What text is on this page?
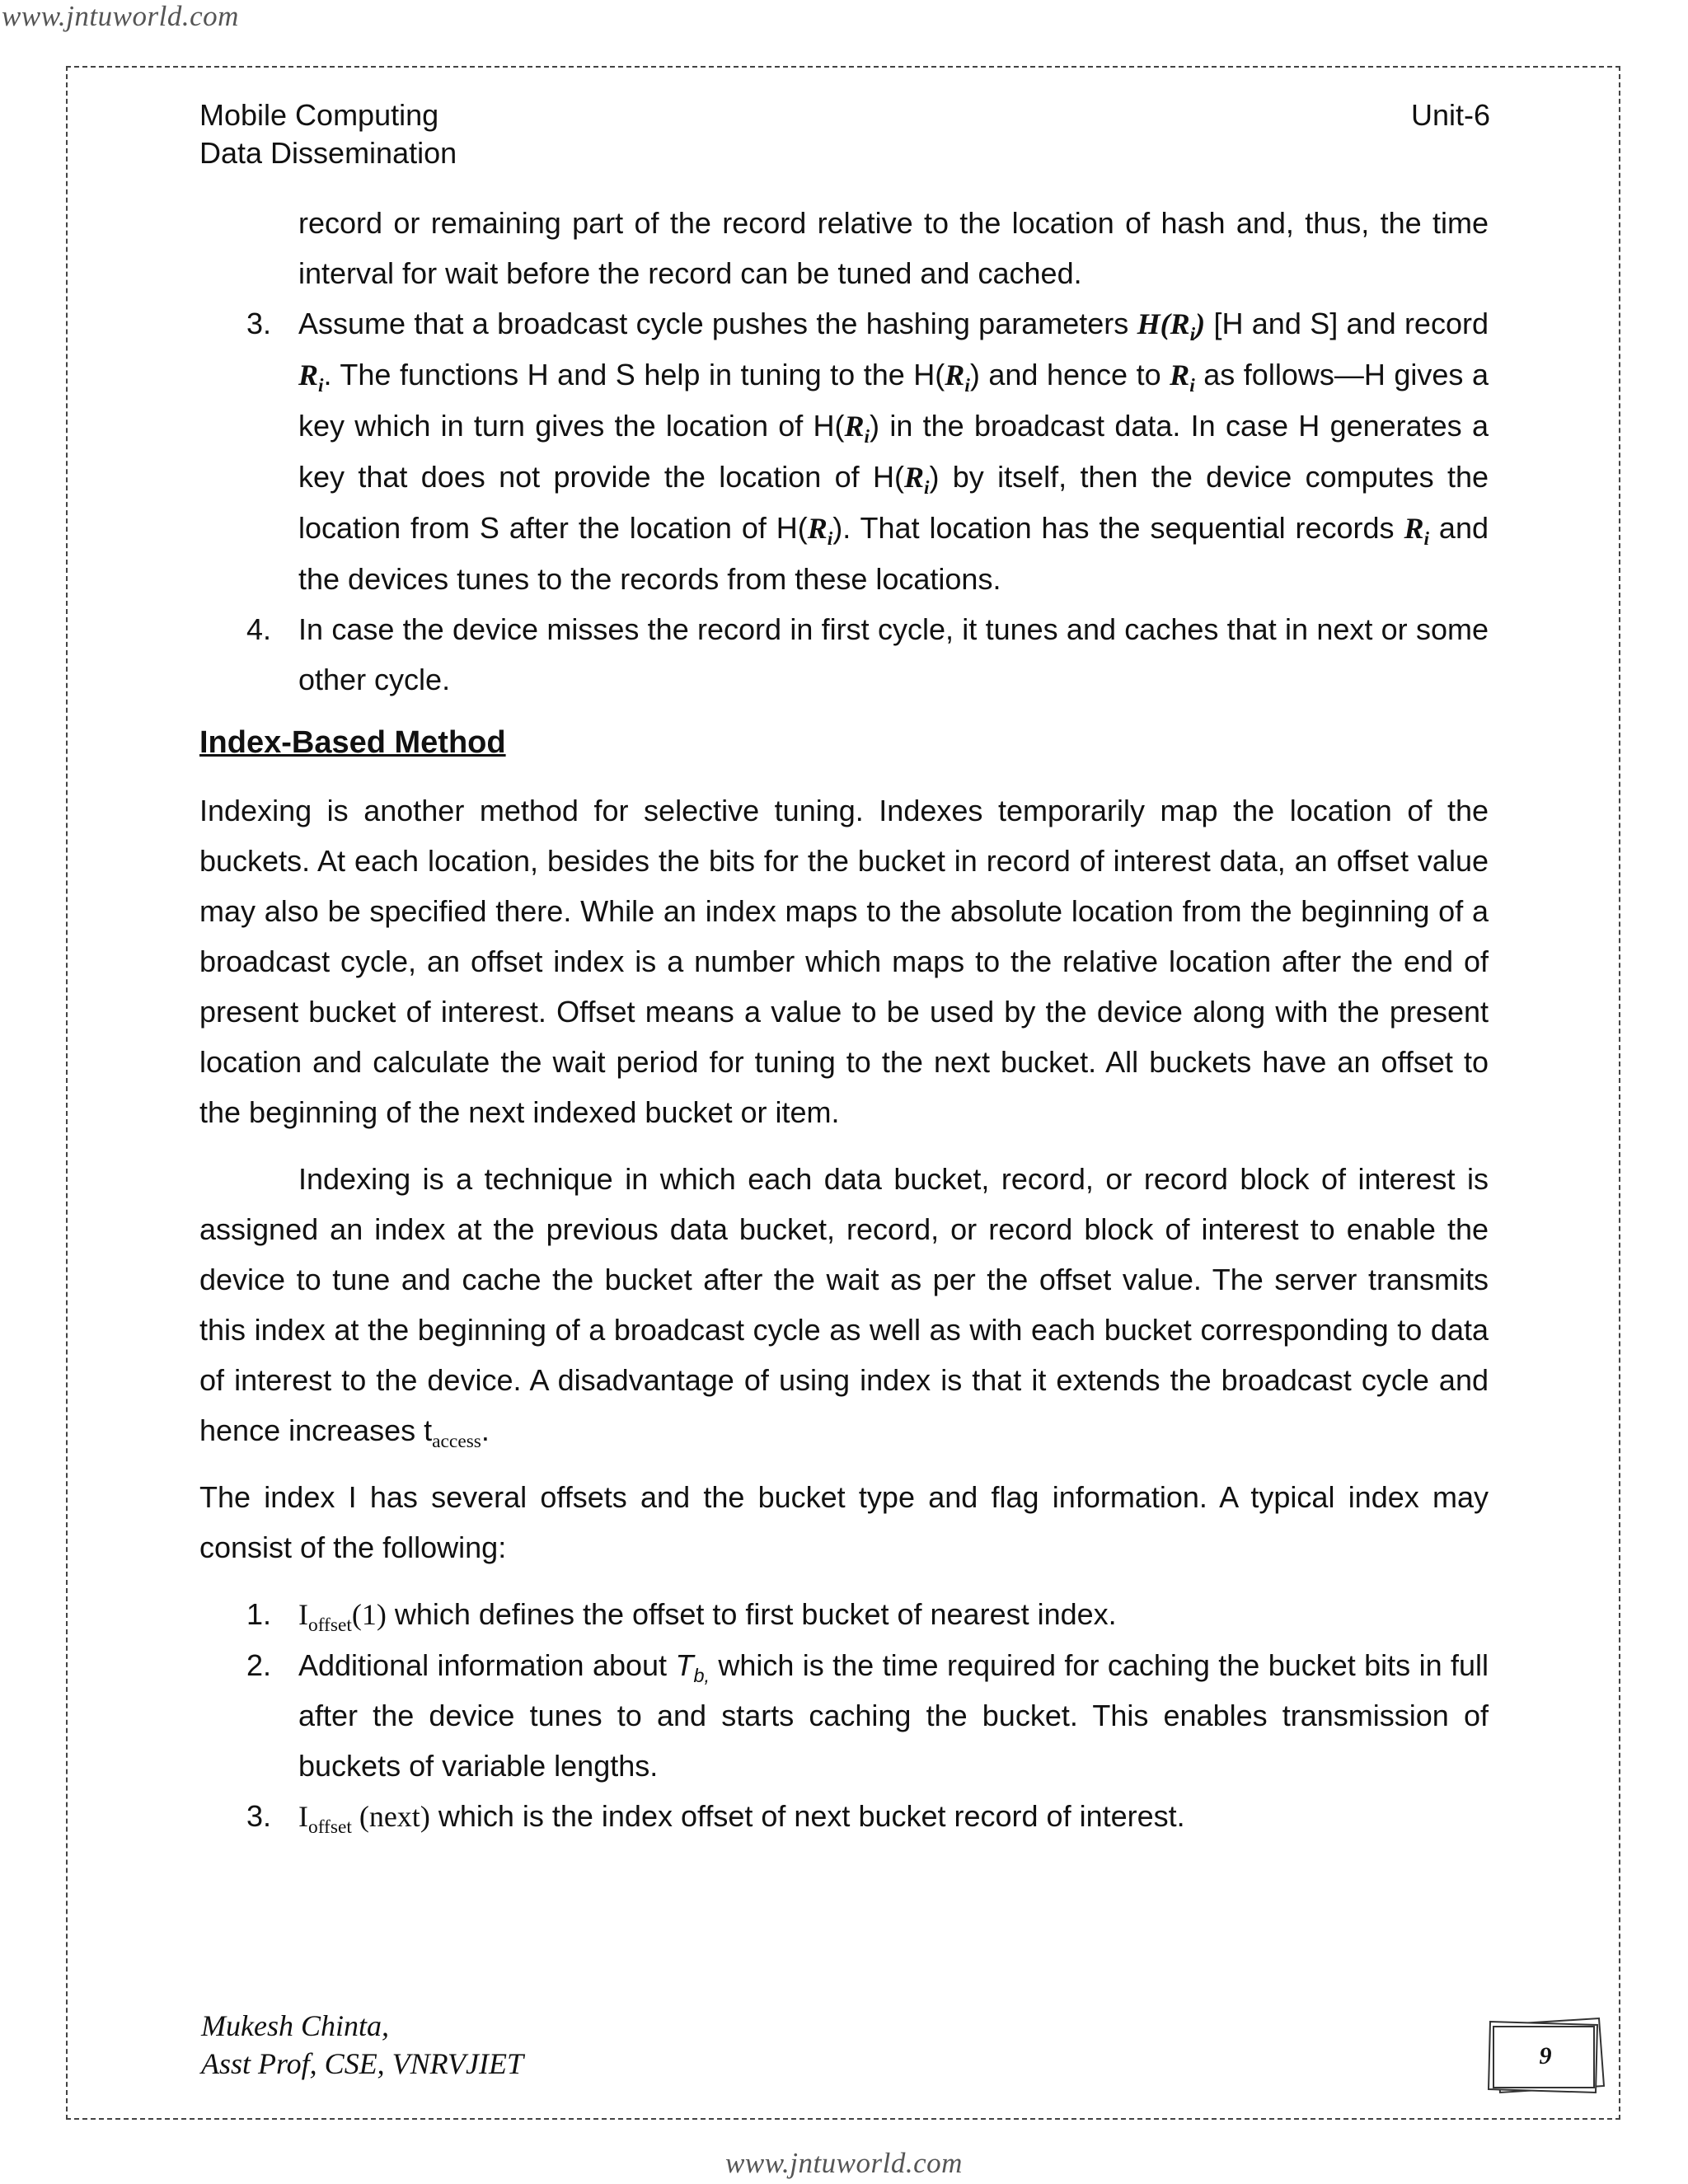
www.jntuworld.com
Mobile Computing
Data Dissemination
Unit-6
record or remaining part of the record relative to the location of hash and, thus, the time interval for wait before the record can be tuned and cached.
3. Assume that a broadcast cycle pushes the hashing parameters $H(R_i)$ [H and S] and record $R_i$. The functions H and S help in tuning to the $H(R_i)$ and hence to $R_i$ as follows—H gives a key which in turn gives the location of $H(R_i)$ in the broadcast data. In case H generates a key that does not provide the location of $H(R_i)$ by itself, then the device computes the location from S after the location of $H(R_i)$. That location has the sequential records $R_i$ and the devices tunes to the records from these locations.
4. In case the device misses the record in first cycle, it tunes and caches that in next or some other cycle.
Index-Based Method

Indexing is another method for selective tuning. Indexes temporarily map the location of the buckets. At each location, besides the bits for the bucket in record of interest data, an offset value may also be specified there. While an index maps to the absolute location from the beginning of a broadcast cycle, an offset index is a number which maps to the relative location after the end of present bucket of interest. Offset means a value to be used by the device along with the present location and calculate the wait period for tuning to the next bucket. All buckets have an offset to the beginning of the next indexed bucket or item.

Indexing is a technique in which each data bucket, record, or record block of interest is assigned an index at the previous data bucket, record, or record block of interest to enable the device to tune and cache the bucket after the wait as per the offset value. The server transmits this index at the beginning of a broadcast cycle as well as with each bucket corresponding to data of interest to the device. A disadvantage of using index is that it extends the broadcast cycle and hence increases $t_{access}$.

The index I has several offsets and the bucket type and flag information. A typical index may consist of the following:

1. $I_{offset}(1)$ which defines the offset to first bucket of nearest index.
2. Additional information about $T_{b,}$ which is the time required for caching the bucket bits in full after the device tunes to and starts caching the bucket. This enables transmission of buckets of variable lengths.
3. $I_{offset}$ (next) which is the index offset of next bucket record of interest.
Mukesh Chinta,
Asst Prof, CSE, VNRVJIET	9
www.jntuworld.com
